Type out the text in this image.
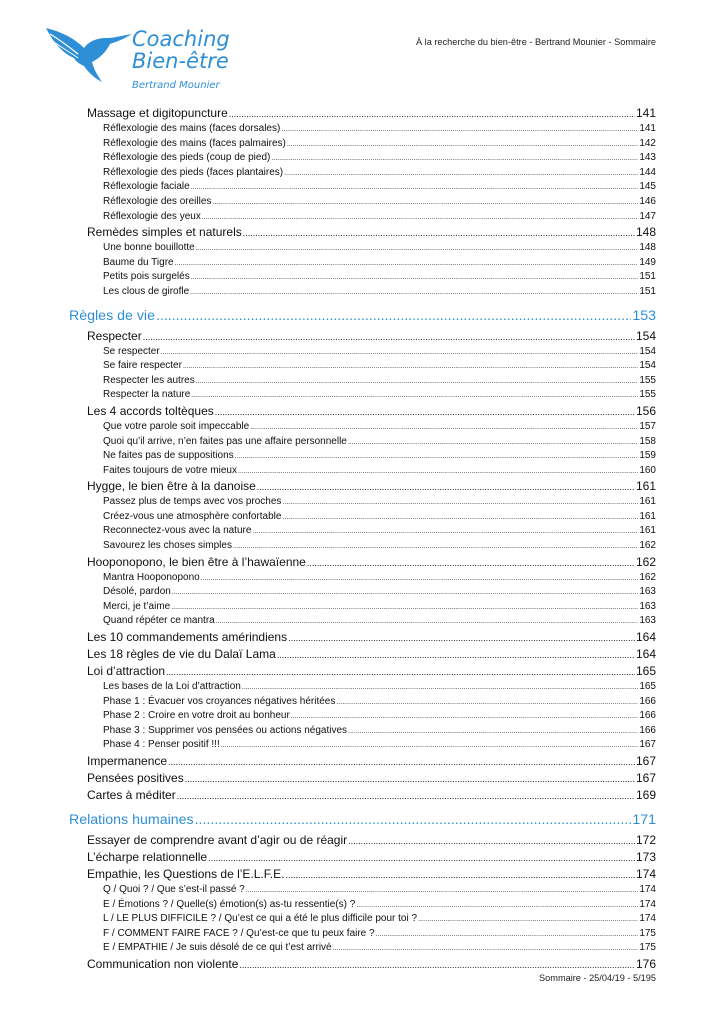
Coaching
Bien-être
Bertrand Mounier
À la recherche du bien-être - Bertrand Mounier - Sommaire
Massage et digitopuncture .....	141
Réflexologie des mains (faces dorsales) .....	141
Réflexologie des mains (faces palmaires) .....	142
Réflexologie des pieds (coup de pied) .....	143
Réflexologie des pieds (faces plantaires) .....	144
Réflexologie faciale .....	145
Réflexologie des oreilles .....	146
Réflexologie des yeux .....	147
Remèdes simples et naturels .....	148
Une bonne bouillotte .....	148
Baume du Tigre .....	149
Petits pois surgelés .....	151
Les clous de girofle .....	151
Règles de vie .....	153
Respecter .....	154
Se respecter .....	154
Se faire respecter .....	154
Respecter les autres .....	155
Respecter la nature .....	155
Les 4 accords toltèques .....	156
Que votre parole soit impeccable .....	157
Quoi qu’il arrive, n’en faites pas une affaire personnelle .....	158
Ne faites pas de suppositions .....	159
Faites toujours de votre mieux .....	160
Hygge, le bien être à la danoise .....	161
Passez plus de temps avec vos proches .....	161
Créez-vous une atmosphère confortable .....	161
Reconnectez-vous avec la nature .....	161
Savourez les choses simples .....	162
Hooponopono, le bien être à l’hawaïenne .....	162
Mantra Hooponopono .....	162
Désolé, pardon .....	163
Merci, je t’aime .....	163
Quand répéter ce mantra .....	163
Les 10 commandements amérindiens .....	164
Les 18 règles de vie du Dalaï Lama .....	164
Loi d’attraction .....	165
Les bases de la Loi d’attraction .....	165
Phase 1 : Évacuer vos croyances négatives héritées .....	166
Phase 2 : Croire en votre droit au bonheur .....	166
Phase 3 : Supprimer vos pensées ou actions négatives .....	166
Phase 4 : Penser positif !!! .....	167
Impermanence .....	167
Pensées positives .....	167
Cartes à méditer .....	169
Relations humaines .....	171
Essayer de comprendre avant d’agir ou de réagir .....	172
L’écharpe relationnelle .....	173
Empathie, les Questions de l’E.L.F.E. .....	174
Q / Quoi ? / Que s’est-il passé ? .....	174
E / Émotions ? / Quelle(s) émotion(s) as-tu ressentie(s) ? .....	174
L / LE PLUS DIFFICILE ? / Qu’est ce qui a été le plus difficile pour toi ? .....	174
F / COMMENT FAIRE FACE ? / Qu’est-ce que tu peux faire ? .....	175
E / EMPATHIE / Je suis désolé de ce qui t’est arrivé .....	175
Communication non violente .....	176
Sommaire - 25/04/19 - 5/195
